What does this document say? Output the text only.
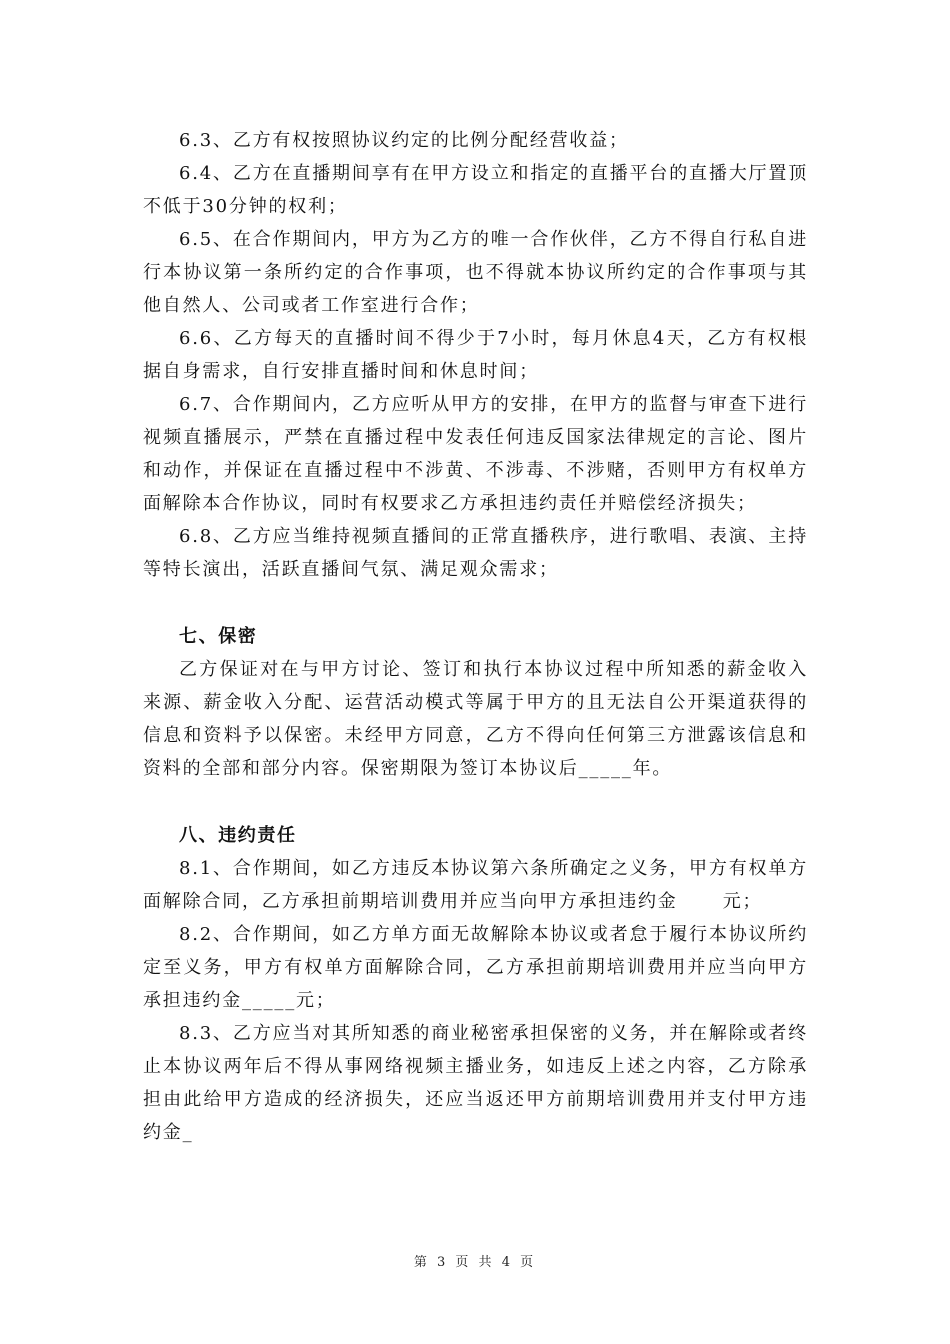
6.3、乙方有权按照协议约定的比例分配经营收益；

6.4、乙方在直播期间享有在甲方设立和指定的直播平台的直播大厅置顶不低于30分钟的权利；

6.5、在合作期间内，甲方为乙方的唯一合作伙伴，乙方不得自行私自进行本协议第一条所约定的合作事项，也不得就本协议所约定的合作事项与其他自然人、公司或者工作室进行合作；

6.6、乙方每天的直播时间不得少于7小时，每月休息4天，乙方有权根据自身需求，自行安排直播时间和休息时间；

6.7、合作期间内，乙方应听从甲方的安排，在甲方的监督与审查下进行视频直播展示，严禁在直播过程中发表任何违反国家法律规定的言论、图片和动作，并保证在直播过程中不涉黄、不涉毒、不涉赌，否则甲方有权单方面解除本合作协议，同时有权要求乙方承担违约责任并赔偿经济损失；

6.8、乙方应当维持视频直播间的正常直播秩序，进行歌唱、表演、主持等特长演出，活跃直播间气氛、满足观众需求；

七、保密

乙方保证对在与甲方讨论、签订和执行本协议过程中所知悉的薪金收入来源、薪金收入分配、运营活动模式等属于甲方的且无法自公开渠道获得的信息和资料予以保密。未经甲方同意，乙方不得向任何第三方泄露该信息和资料的全部和部分内容。保密期限为签订本协议后_____年。

八、违约责任

8.1、合作期间，如乙方违反本协议第六条所确定之义务，甲方有权单方面解除合同，乙方承担前期培训费用并应当向甲方承担违约金      元；

8.2、合作期间，如乙方单方面无故解除本协议或者怠于履行本协议所约定至义务，甲方有权单方面解除合同，乙方承担前期培训费用并应当向甲方承担违约金_____元；

8.3、乙方应当对其所知悉的商业秘密承担保密的义务，并在解除或者终止本协议两年后不得从事网络视频主播业务，如违反上述之内容，乙方除承担由此给甲方造成的经济损失，还应当返还甲方前期培训费用并支付甲方违约金_

第 3 页 共 4 页
